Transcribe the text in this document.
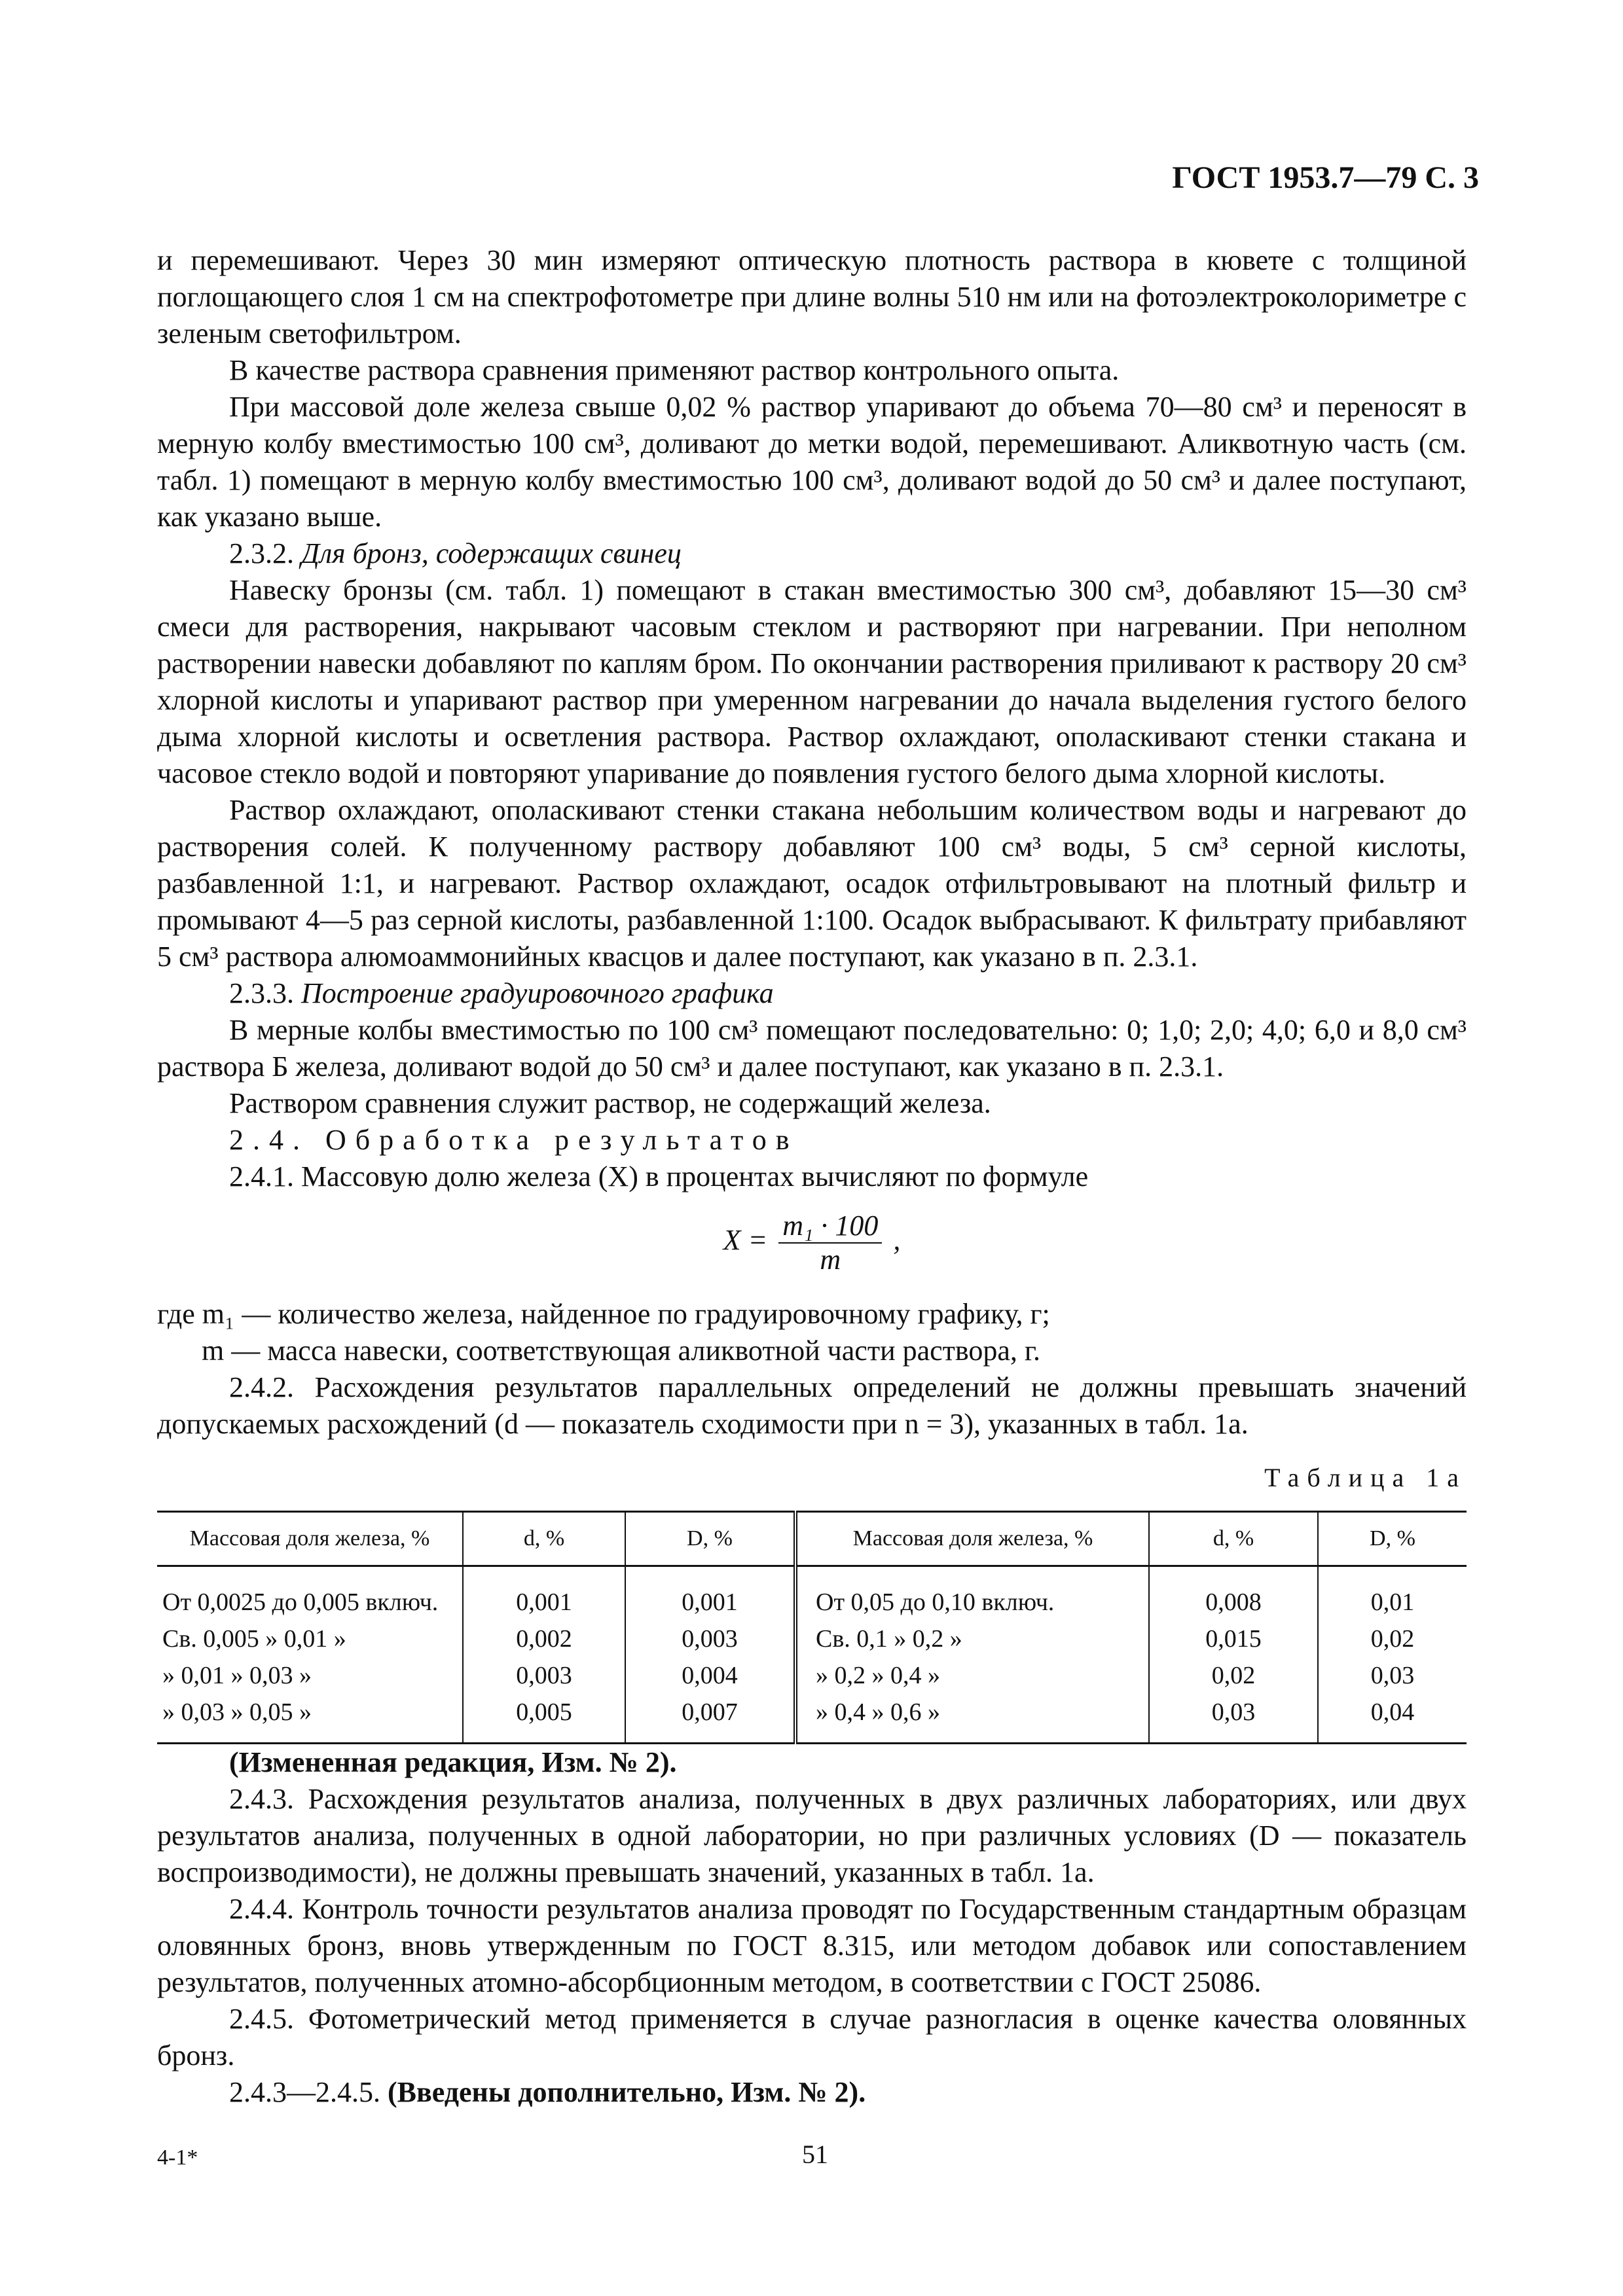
ГОСТ 1953.7—79 С. 3

и перемешивают. Через 30 мин измеряют оптическую плотность раствора в кювете с толщиной поглощающего слоя 1 см на спектрофотометре при длине волны 510 нм или на фотоэлектроколориметре с зеленым светофильтром.

В качестве раствора сравнения применяют раствор контрольного опыта.

При массовой доле железа свыше 0,02 % раствор упаривают до объема 70—80 см³ и переносят в мерную колбу вместимостью 100 см³, доливают до метки водой, перемешивают. Аликвотную часть (см. табл. 1) помещают в мерную колбу вместимостью 100 см³, доливают водой до 50 см³ и далее поступают, как указано выше.

2.3.2. Для бронз, содержащих свинец

Навеску бронзы (см. табл. 1) помещают в стакан вместимостью 300 см³, добавляют 15—30 см³ смеси для растворения, накрывают часовым стеклом и растворяют при нагревании. При неполном растворении навески добавляют по каплям бром. По окончании растворения приливают к раствору 20 см³ хлорной кислоты и упаривают раствор при умеренном нагревании до начала выделения густого белого дыма хлорной кислоты и осветления раствора. Раствор охлаждают, ополаскивают стенки стакана и часовое стекло водой и повторяют упаривание до появления густого белого дыма хлорной кислоты.

Раствор охлаждают, ополаскивают стенки стакана небольшим количеством воды и нагревают до растворения солей. К полученному раствору добавляют 100 см³ воды, 5 см³ серной кислоты, разбавленной 1:1, и нагревают. Раствор охлаждают, осадок отфильтровывают на плотный фильтр и промывают 4—5 раз серной кислоты, разбавленной 1:100. Осадок выбрасывают. К фильтрату прибавляют 5 см³ раствора алюмоаммонийных квасцов и далее поступают, как указано в п. 2.3.1.

2.3.3. Построение градуировочного графика

В мерные колбы вместимостью по 100 см³ помещают последовательно: 0; 1,0; 2,0; 4,0; 6,0 и 8,0 см³ раствора Б железа, доливают водой до 50 см³ и далее поступают, как указано в п. 2.3.1.

Раствором сравнения служит раствор, не содержащий железа.

2.4. Обработка результатов

2.4.1. Массовую долю железа (X) в процентах вычисляют по формуле

$X = \frac{\text{m₁ · 100}}{m}$ ,

где m₁ — количество железа, найденное по градуировочному графику, г;

m — масса навески, соответствующая аликвотной части раствора, г.

2.4.2. Расхождения результатов параллельных определений не должны превышать значений допускаемых расхождений (d — показатель сходимости при n = 3), указанных в табл. 1а.

Таблица 1а
Массовая доля железа, %	d, %	D, %	Массовая доля железа, %	d, %	D, %
От 0,0025 до 0,005 включ.	0,001	0,001	От 0,05 до 0,10 включ.	0,008	0,01
Св. 0,005 » 0,01 »	0,002	0,003	Св. 0,1 » 0,2 »	0,015	0,02
» 0,01 » 0,03 »	0,003	0,004	» 0,2 » 0,4 »	0,02	0,03
» 0,03 » 0,05 »	0,005	0,007	» 0,4 » 0,6 »	0,03	0,04

(Измененная редакция, Изм. № 2).

2.4.3. Расхождения результатов анализа, полученных в двух различных лабораториях, или двух результатов анализа, полученных в одной лаборатории, но при различных условиях (D — показатель воспроизводимости), не должны превышать значений, указанных в табл. 1а.

2.4.4. Контроль точности результатов анализа проводят по Государственным стандартным образцам оловянных бронз, вновь утвержденным по ГОСТ 8.315, или методом добавок или сопоставлением результатов, полученных атомно-абсорбционным методом, в соответствии с ГОСТ 25086.

2.4.5. Фотометрический метод применяется в случае разногласия в оценке качества оловянных бронз.

2.4.3—2.4.5. (Введены дополнительно, Изм. № 2).

4-1*	51
